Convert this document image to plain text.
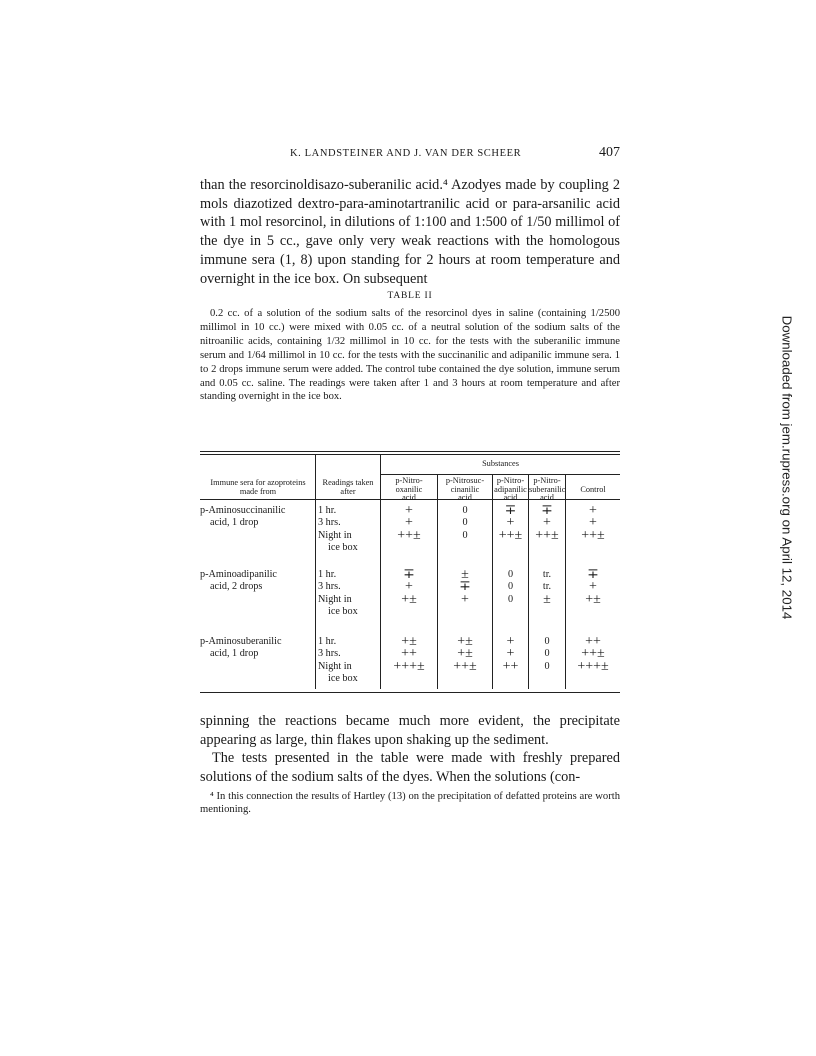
K. LANDSTEINER AND J. VAN DER SCHEER	407
than the resorcinoldisazo-suberanilic acid.⁴ Azodyes made by coupling 2 mols diazotized dextro-para-aminotartranilic acid or para-arsanilic acid with 1 mol resorcinol, in dilutions of 1:100 and 1:500 of 1/50 millimol of the dye in 5 cc., gave only very weak reactions with the homologous immune sera (1, 8) upon standing for 2 hours at room temperature and overnight in the ice box. On subsequent
TABLE II
0.2 cc. of a solution of the sodium salts of the resorcinol dyes in saline (containing 1/2500 millimol in 10 cc.) were mixed with 0.05 cc. of a neutral solution of the sodium salts of the nitroanilic acids, containing 1/32 millimol in 10 cc. for the tests with the suberanilic immune serum and 1/64 millimol in 10 cc. for the tests with the succinanilic and adipanilic immune sera. 1 to 2 drops immune serum were added. The control tube contained the dye solution, immune serum and 0.05 cc. saline. The readings were taken after 1 and 3 hours at room temperature and after standing overnight in the ice box.
Immune sera for azoproteins
made from
Readings taken
after
Substances
p-Nitro-
oxanilic
acid
p-Nitrosuc-
cinanilic
acid
p-Nitro-
adipanilic
acid
p-Nitro-
suberanilic
acid
Control
p-Aminosuccinanilic
acid, 1 drop
1 hr.
3 hrs.
Night in
ice box
+
+
++±
0
0
0
∓
+
++±
∓
+
++±
+
+
++±
p-Aminoadipanilic
acid, 2 drops
1 hr.
3 hrs.
Night in
ice box
∓
+
+±
±
∓
+
0
0
0
tr.
tr.
±
∓
+
+±
p-Aminosuberanilic
acid, 1 drop
1 hr.
3 hrs.
Night in
ice box
+±
++
+++±
+±
+±
++±
+
+
++
0
0
0
++
++±
+++±
spinning the reactions became much more evident, the precipitate appearing as large, thin flakes upon shaking up the sediment.
The tests presented in the table were made with freshly prepared solutions of the sodium salts of the dyes. When the solutions (con-
⁴ In this connection the results of Hartley (13) on the precipitation of defatted proteins are worth mentioning.
Downloaded from jem.rupress.org on April 12, 2014
